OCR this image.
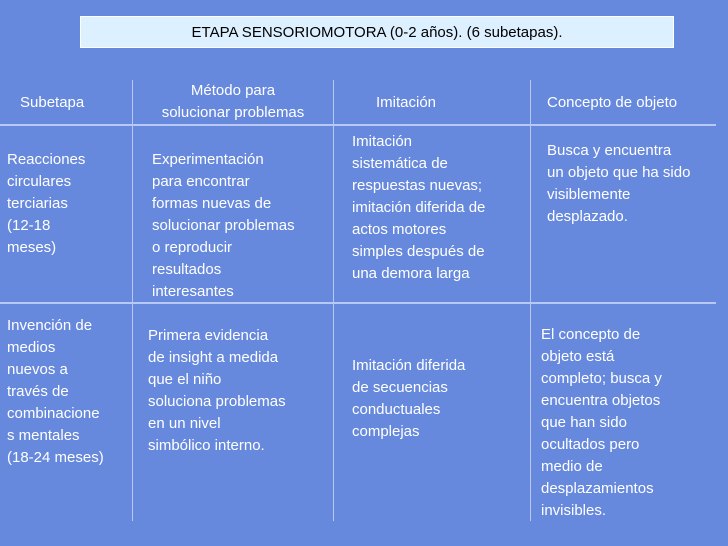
ETAPA SENSORIOMOTORA (0-2 años). (6 subetapas).
Subetapa
Método para
solucionar problemas
Imitación	Concepto de objeto
Reacciones
circulares
terciarias
(12-18
meses)
Experimentación
para encontrar
formas nuevas de
solucionar problemas
o reproducir
resultados
interesantes
Imitación
sistemática de
respuestas nuevas;
imitación diferida de
actos motores
simples después de
una demora larga
Busca y encuentra
un objeto que ha sido
visiblemente
desplazado.
Invención de
medios
nuevos a
través de
combinacione
s mentales
(18-24 meses)
Primera evidencia
de insight a medida
que el niño
soluciona problemas
en un nivel
simbólico interno.
Imitación diferida
de secuencias
conductuales
complejas
El concepto de
objeto está
completo; busca y
encuentra objetos
que han sido
ocultados pero
medio de
desplazamientos
invisibles.
